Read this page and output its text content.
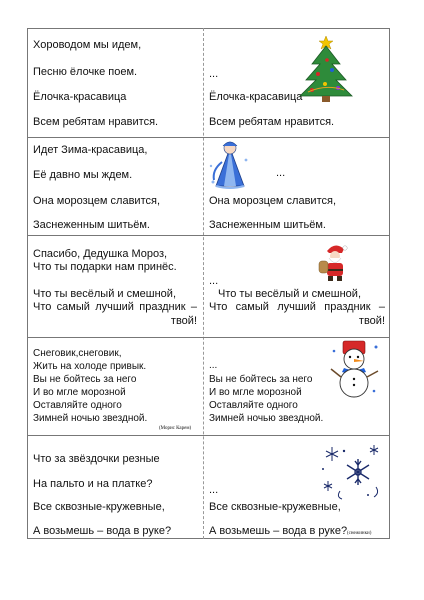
Хороводом мы идем,
Песню ёлочке поем.
Ёлочка-красавица
Всем ребятам нравится.
...
Ёлочка-красавица
Всем ребятам нравится.
Идет Зима-красавица,
Её давно мы ждем.
Она морозцем славится,
Заснеженным шитьём.
...
Она морозцем славится,
Заснеженным шитьём.
Спасибо, Дедушка Мороз,
Что ты подарки нам принёс.
Что ты весёлый и смешной,
Что самый лучший праздник –
твой!
...
Что ты весёлый и смешной,
Что самый лучший праздник –
твой!
Снеговик,снеговик,
Жить на холоде привык.
Вы не бойтесь за него
И во мгле морозной
Оставляйте одного
Зимней ночью звездной.
(Морис Карем)
...
Вы не бойтесь за него
И во мгле морозной
Оставляйте одного
Зимней ночью звездной.
Что за звёздочки резные
На пальто и на платке?
Все сквозные-кружевные,
А возьмешь – вода в руке?
...
Все сквозные-кружевные,
А возьмешь – вода в руке? (снежинки)
